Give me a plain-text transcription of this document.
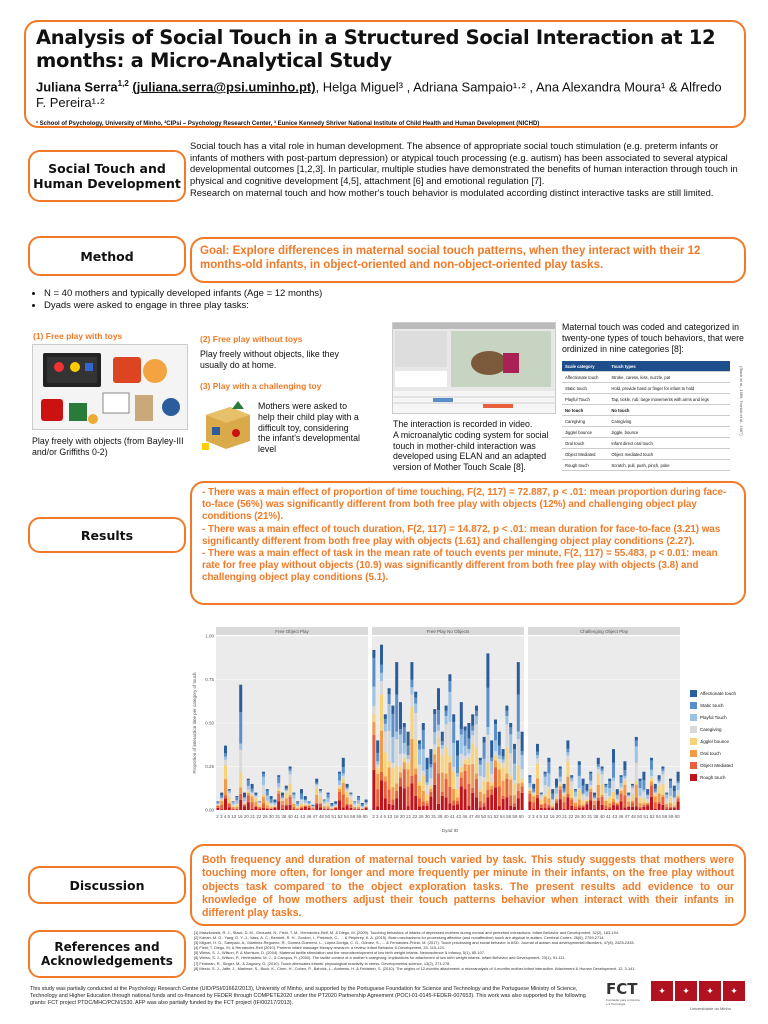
Analysis of Social Touch in a Structured Social Interaction at 12 months: a Micro-Analytical Study
Juliana Serra$^{1,2}$ (juliana.serra@psi.uminho.pt), Helga Miguel³ , Adriana Sampaio¹·² , Ana Alexandra Moura¹ & Alfredo F. Pereira¹·²
¹ School of Psychology, University of Minho, ²CIPsi – Psychology Research Center, ³ Eunice Kennedy Shriver National Institute of Child Health and Human Development (NICHD)
Social Touch and Human Development
Method
Results
Discussion
References and Acknowledgements
Social touch has a vital role in human development. The absence of appropriate social touch stimulation (e.g. preterm infants or infants of mothers with post-partum depression) or atypical touch processing (e.g. autism) has been associated to several atypical developmental outcomes [1,2,3]. In particular, multiple studies have demonstrated the benefits of human interaction through touch in physical and cognitive development [4,5], attachment [6] and emotional regulation [7].
Research on maternal touch and how mother's touch behavior is modulated according distinct interactive tasks are still limited.
Goal: Explore differences in maternal social touch patterns, when they interact with their 12 months-old infants, in object-oriented and non-object-oriented play tasks.
• N = 40 mothers and typically developed infants (Age = 12 months)
• Dyads were asked to engage in three play tasks:
(1) Free play with toys
Play freely with objects (from Bayley-III and/or Griffiths 0-2)
(2) Free play without toys
Play freely without objects, like they usually do at home.
(3) Play with a challenging toy
Mothers were asked to help their child play with a difficult toy, considering the infant's developmental level
The interaction is recorded in video.
A microanalytic coding system for social touch in mother-child interaction was developed using ELAN and an adapted version of Mother Touch Scale [8].
Maternal touch was coded and categorized in twenty-one types of touch behaviors, that were ordinized in nine categories [8]:
Scale category	Touch types
Affectionate touch	Stroke, caress, kiss, nuzzle, pat
Static touch	Hold, provide hand or finger for infant to hold
Playful Touch	Tap, tickle, rub, large movements with arms and legs
No touch	No touch
Caregiving	Caregiving
Jiggle/ bounce	Jiggle, bounce
Oral touch	Infant direct oral touch
Object Mediated	Object mediated touch
Rough touch	Scratch, pull, push, pinch, poke
(Stack et al., 1989; Tronick et al., 1987)

- There was a main effect of proportion of time touching, F(2, 117) = 72.887, p < .01: mean proportion during face-to-face (56%) was significantly different from both free play with objects (12%) and challenging object play conditions (21%).

- There was a main effect of touch duration, F(2, 117) = 14.872, p < .01: mean duration for face-to-face (3.21) was significantly different from both free play with objects (1.61) and challenging object play conditions (2.27).

- There was a main effect of task in the mean rate of touch events per minute, F(2, 117) = 55.483, p < 0.01: mean rate for free play without objects (10.9) was significantly different from both free play with objects (3.8) and challenging object play conditions (5.1).

Proportion of interaction time per category of touch
0.00
0.25
0.50
0.75
1.00
Free Object Play
2 3 4 5 13 16 20 21 22 26 30 31 38 40 41 43 46 47 48 50 51 52 54 58 59 60
Free Play No Objects
2 3 4 5 13 16 20 21 22 26 30 31 38 40 41 43 46 47 48 50 51 52 54 58 59 60
Challenging Object Play
2 3 4 5 13 16 20 21 22 26 30 31 38 40 41 43 46 47 48 50 51 52 54 58 59 60
Dyad ID
Affectionate touch
Static touch
Playful Touch
Caregiving
Jiggle/ bounce
Oral touch
Object Mediated
Rough touch
Both frequency and duration of maternal touch varied by task. This study suggests that mothers were touching more often, for longer and more frequently per minute in their infants, on the free play without objects task compared to the object exploration tasks. The present results add evidence to our knowledge of how mothers adjust their touch patterns behavior when interact with their infants in different play tasks.
[1] Maszkowski, R. J., Stack, D. M., Girouard, N., Field, T. M., Hernandez-Reif, M. & Diego, M. (2009). Touching behaviors of infants of depressed mothers during normal and perturbed interactions. Infant Behavior and Development, 32(2), 183-194.
[2] Kanan, M. G., Yang, D. Y.-J., Vass, A. C., Bennett, R. H., Gordon, I., Pretzsch, C., ... & Pelphrey, K. A. (2015). Brain mechanisms for processing affective (and nonaffective) touch are atypical in autism. Cerebral Cortex, 26(6), 2709-2714.
[3] Miguel, H. O., Sampaio, A., Martinez-Regueiro, R., Gómez-Guerrero, L., López-Dóriga, C. G., Gómez, S., ... & Fernández-Prieto, M. (2017). Touch processing and social behavior in ASD. Journal of autism and developmental disorders, 47(8), 2425-2433.
[4] Field, T, Diego, M, & Hernandez-Reif (2010). Preterm infant massage therapy research: a review. Infant Behavior & Development, 33, 115-124.
[5] Weiss, S. J., Wilson, P. & Morrison, D. (2004). Maternal tactile stimulation and the neurodevelopment of low birth weight infants. Neuroscience & Infancy, 5(1), 85-107.
[6] Weiss, S. J., Wilson, P., Hertenstein, M. J., & Campos, R. (2000). The tactile context of a mother's caregiving: implications for attachment of low birth weight infants. Infant Behavior and Development, 23(1), 91-111.
[7] Feldman, R., Singer, M., & Zagoory, O. (2010). Touch attenuates infants' physiological reactivity to stress. Developmental science, 13(2), 271-278.
[8] Mesio, S. J., Jaffe, J., Markese, S., Buck, K., Chen, H., Cohen, P., Bahrick, L., Andrews, H. & Feldstein, S. (2010). The origins of 12-months attachment: a microanalysis of 4-months mother-infant interaction. Attachment & Human Development, 12, 3-141.
This study was partially conducted at the Psychology Research Centre (UID/PSI/01662/2013), University of Minho, and supported by the Portuguese Foundation for Science and Technology and the Portuguese Ministry of Science, Technology and Higher Education through national funds and co-financed by FEDER through COMPETE2020 under the PT2020 Partnership Agreement (POCI-01-0145-FEDER-007653). This work was also supported by the following grants: FCT project PTDC/MHC/PCN/1530. AFP was also partially funded by the FCT project (IF/00217/2013).
FCT
Fundação para a Ciência e a Tecnologia
✦	✦	✦	✦
Universidade do Minho
